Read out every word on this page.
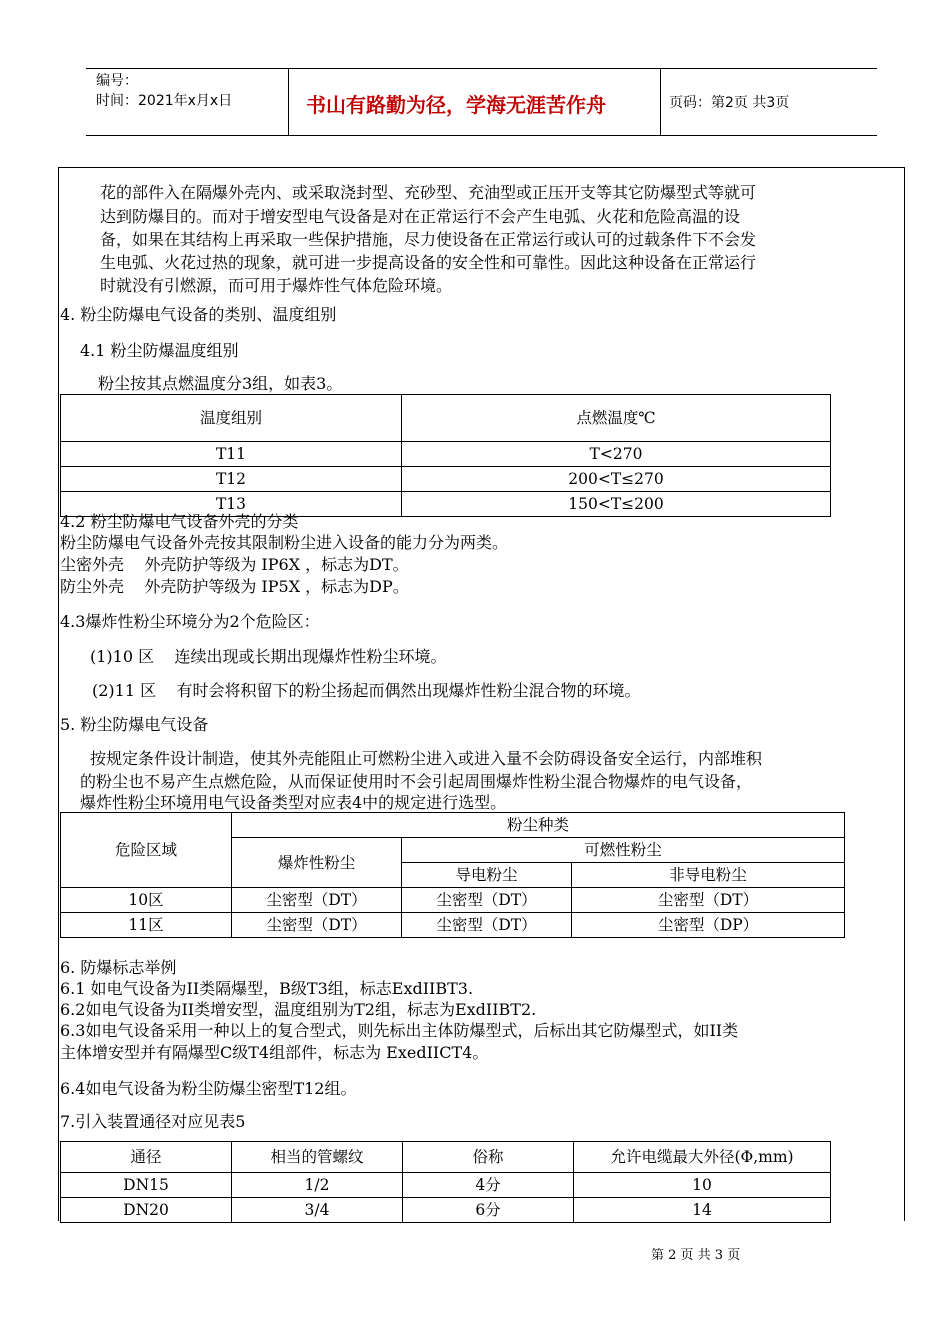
编号：
时间：2021年x月x日	书山有路勤为径，学海无涯苦作舟	页码：第2页 共3页
花的部件入在隔爆外壳内、或采取浇封型、充砂型、充油型或正压开支等其它防爆型式等就可
达到防爆目的。而对于增安型电气设备是对在正常运行不会产生电弧、火花和危险高温的设
备，如果在其结构上再采取一些保护措施，尽力使设备在正常运行或认可的过载条件下不会发
生电弧、火花过热的现象，就可进一步提高设备的安全性和可靠性。因此这种设备在正常运行
时就没有引燃源，而可用于爆炸性气体危险环境。
4. 粉尘防爆电气设备的类别、温度组别
4.1 粉尘防爆温度组别
粉尘按其点燃温度分3组，如表3。
温度组别	点燃温度℃
T11	T<270
T12	200<T≤270
T13	150<T≤200
4.2 粉尘防爆电气设备外壳的分类
粉尘防爆电气设备外壳按其限制粉尘进入设备的能力分为两类。
尘密外壳    外壳防护等级为 IP6X ，标志为DT。
防尘外壳    外壳防护等级为 IP5X ，标志为DP。
4.3爆炸性粉尘环境分为2个危险区：
(1)10 区    连续出现或长期出现爆炸性粉尘环境。
(2)11 区    有时会将积留下的粉尘扬起而偶然出现爆炸性粉尘混合物的环境。
5. 粉尘防爆电气设备
按规定条件设计制造，使其外壳能阻止可燃粉尘进入或进入量不会防碍设备安全运行，内部堆积
的粉尘也不易产生点燃危险，从而保证使用时不会引起周围爆炸性粉尘混合物爆炸的电气设备，
爆炸性粉尘环境用电气设备类型对应表4中的规定进行选型。
危险区域	粉尘种类		
	爆炸性粉尘	可燃性粉尘	
		导电粉尘	非导电粉尘
10区	尘密型（DT）	尘密型（DT）	尘密型（DT）
11区	尘密型（DT）	尘密型（DT）	尘密型（DP）
6. 防爆标志举例
6.1 如电气设备为II类隔爆型，B级T3组，标志ExdIIBT3.
6.2如电气设备为II类增安型，温度组别为T2组，标志为ExdIIBT2.
6.3如电气设备采用一种以上的复合型式，则先标出主体防爆型式，后标出其它防爆型式，如II类
主体增安型并有隔爆型C级T4组部件，标志为 ExedIICT4。
6.4如电气设备为粉尘防爆尘密型T12组。
7.引入装置通径对应见表5
通径	相当的管螺纹	俗称	允许电缆最大外径(Φ,mm)
DN15	1/2	4分	10
DN20	3/4	6分	14
第 2 页 共 3 页
